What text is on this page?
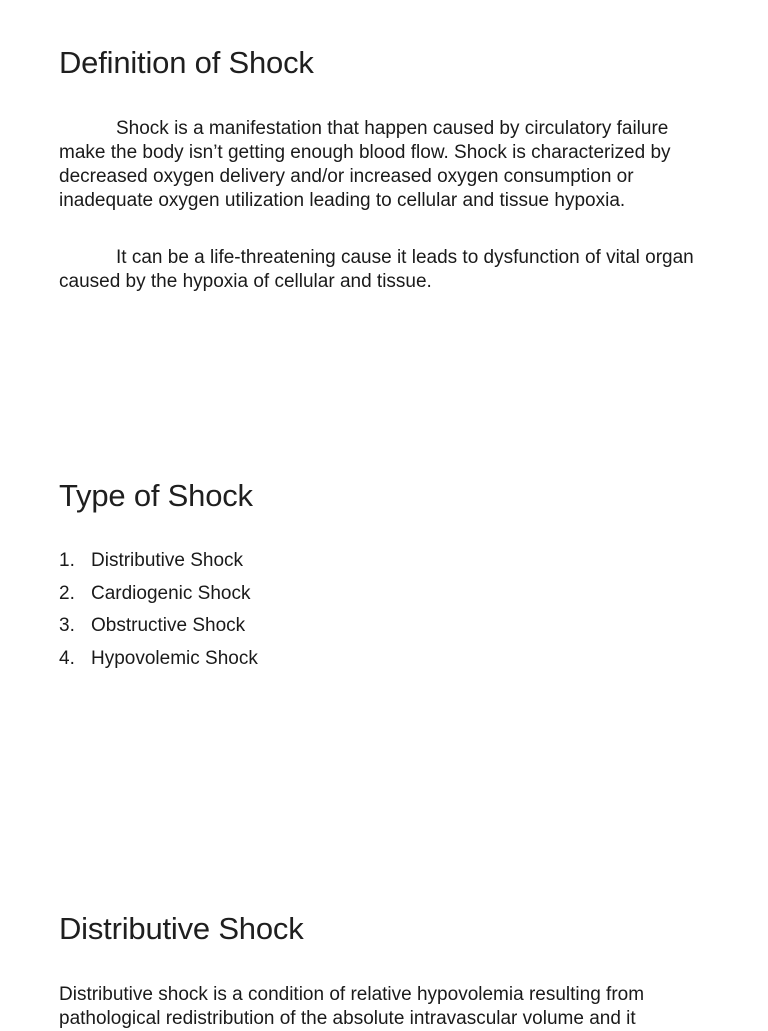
Definition of Shock

Shock is a manifestation that happen caused by circulatory failure make the body isn’t getting enough blood flow. Shock is characterized by decreased oxygen delivery and/or increased oxygen consumption or inadequate oxygen utilization leading to cellular and tissue hypoxia.

It can be a life-threatening cause it leads to dysfunction of vital organ caused by the hypoxia of cellular and tissue.

Type of Shock
1. Distributive Shock
2. Cardiogenic Shock
3. Obstructive Shock
4. Hypovolemic Shock
Distributive Shock

Distributive shock is a condition of relative hypovolemia resulting from pathological redistribution of the absolute intravascular volume and it
